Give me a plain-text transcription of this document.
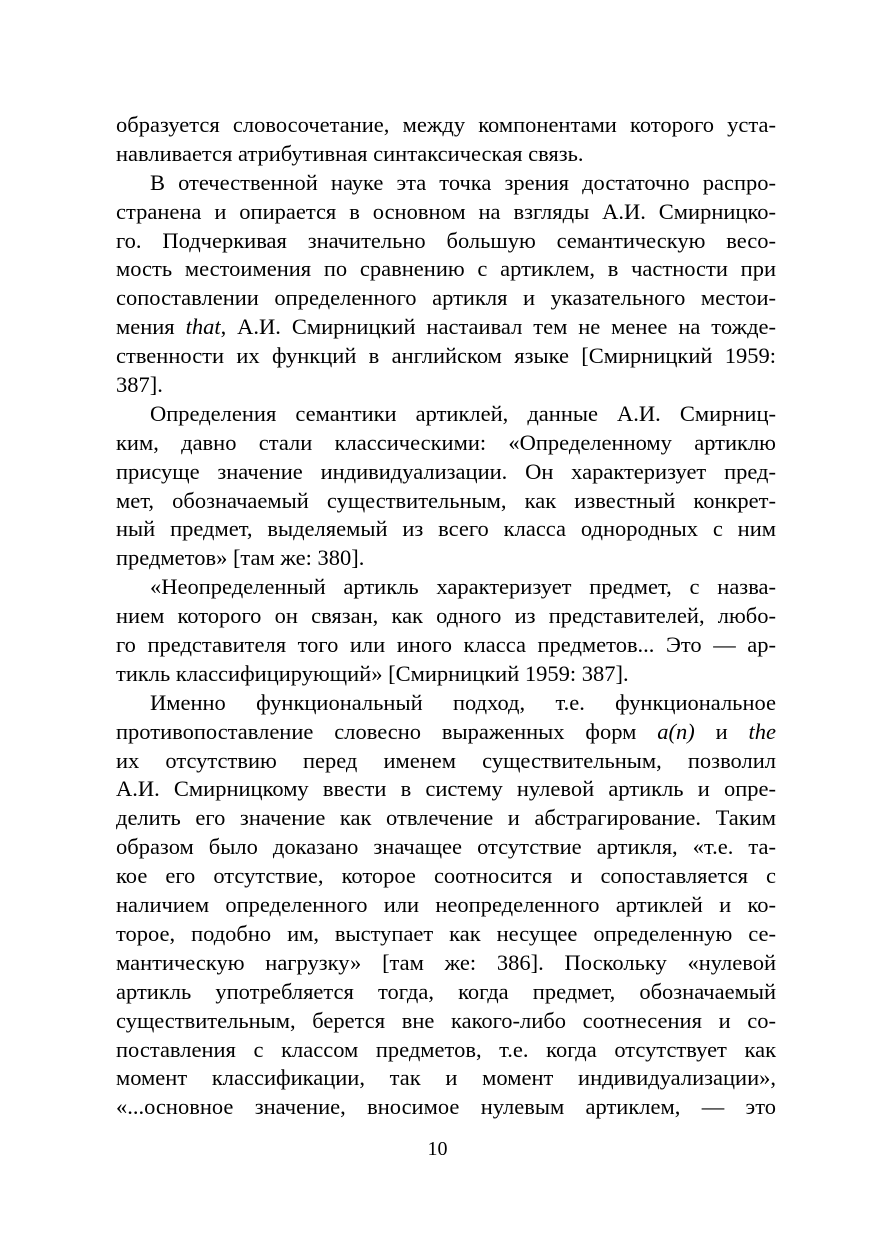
образуется словосочетание, между компонентами которого уста-
навливается атрибутивная синтаксическая связь.
В отечественной науке эта точка зрения достаточно распро-
странена и опирается в основном на взгляды А.И. Смирницко-
го. Подчеркивая значительно большую семантическую весо-
мость местоимения по сравнению с артиклем, в частности при
сопоставлении определенного артикля и указательного местои-
мения that, А.И. Смирницкий настаивал тем не менее на тожде-
ственности их функций в английском языке [Смирницкий 1959:
387].
Определения семантики артиклей, данные А.И. Смирниц-
ким, давно стали классическими: «Определенному артиклю
присуще значение индивидуализации. Он характеризует пред-
мет, обозначаемый существительным, как известный конкрет-
ный предмет, выделяемый из всего класса однородных с ним
предметов» [там же: 380].
«Неопределенный артикль характеризует предмет, с назва-
нием которого он связан, как одного из представителей, любо-
го представителя того или иного класса предметов... Это — ар-
тикль классифицирующий» [Смирницкий 1959: 387].
Именно функциональный подход, т.е. функциональное
противопоставление словесно выраженных форм a(n) и the
их отсутствию перед именем существительным, позволил
А.И. Смирницкому ввести в систему нулевой артикль и опре-
делить его значение как отвлечение и абстрагирование. Таким
образом было доказано значащее отсутствие артикля, «т.е. та-
кое его отсутствие, которое соотносится и сопоставляется с
наличием определенного или неопределенного артиклей и ко-
торое, подобно им, выступает как несущее определенную се-
мантическую нагрузку» [там же: 386]. Поскольку «нулевой
артикль употребляется тогда, когда предмет, обозначаемый
существительным, берется вне какого-либо соотнесения и со-
поставления с классом предметов, т.е. когда отсутствует как
момент классификации, так и момент индивидуализации»,
«...основное значение, вносимое нулевым артиклем, — это
10
